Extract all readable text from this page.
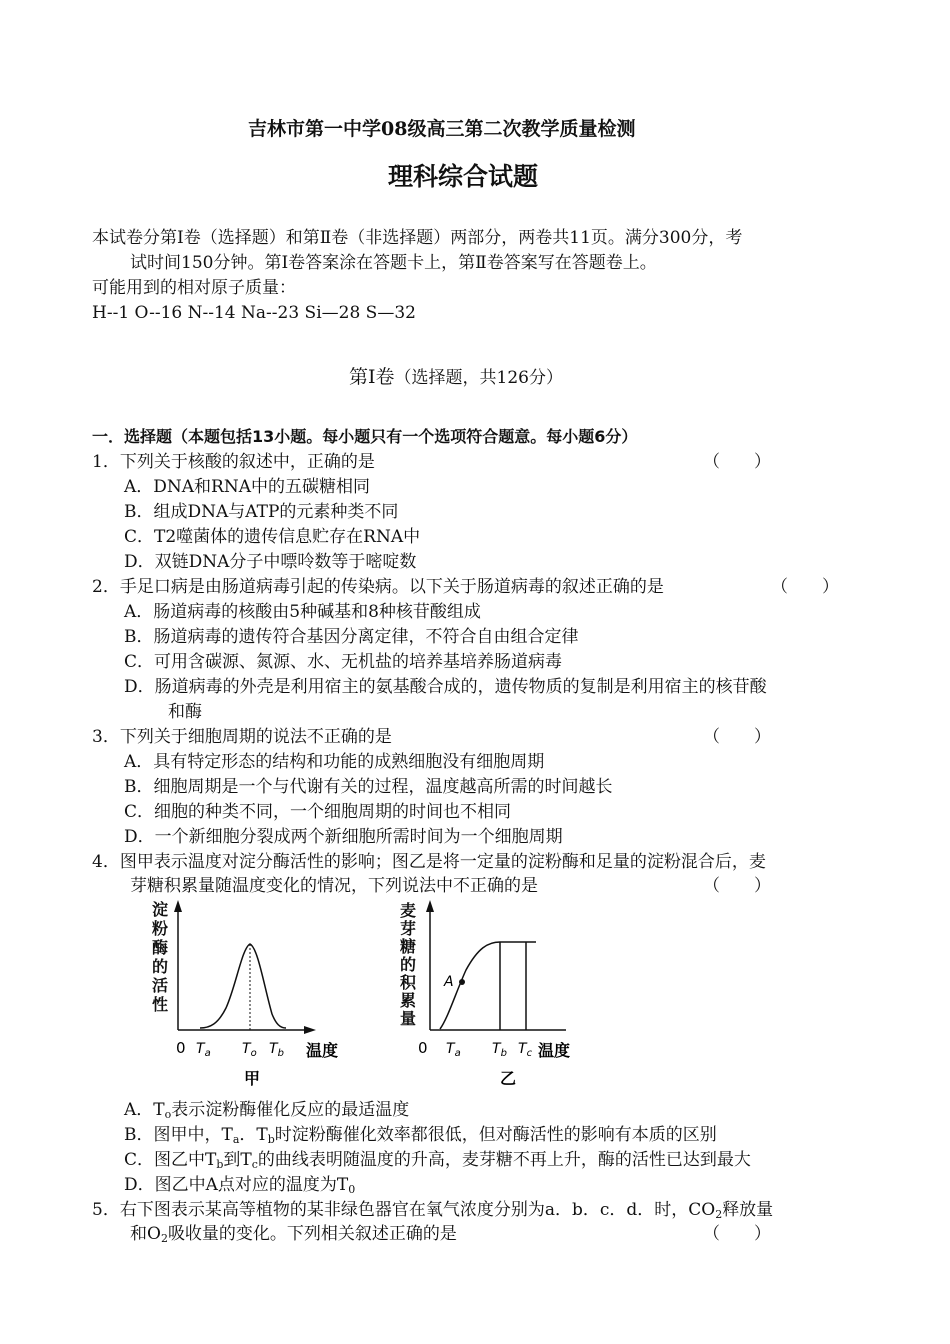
吉林市第一中学08级高三第二次教学质量检测
理科综合试题
本试卷分第Ⅰ卷（选择题）和第Ⅱ卷（非选择题）两部分，两卷共11页。满分300分，考
试时间150分钟。第Ⅰ卷答案涂在答题卡上，第Ⅱ卷答案写在答题卷上。
可能用到的相对原子质量：
H--1 O--16 N--14 Na--23 Si—28 S—32
第Ⅰ卷（选择题，共126分）
一．选择题（本题包括13小题。每小题只有一个选项符合题意。每小题6分）
1．下列关于核酸的叙述中，正确的是	（　　）
A．DNA和RNA中的五碳糖相同
B．组成DNA与ATP的元素种类不同
C．T2噬菌体的遗传信息贮存在RNA中
D．双链DNA分子中嘌呤数等于嘧啶数
2．手足口病是由肠道病毒引起的传染病。以下关于肠道病毒的叙述正确的是	（　　）
A．肠道病毒的核酸由5种碱基和8种核苷酸组成
B．肠道病毒的遗传符合基因分离定律，不符合自由组合定律
C．可用含碳源、氮源、水、无机盐的培养基培养肠道病毒
D．肠道病毒的外壳是利用宿主的氨基酸合成的，遗传物质的复制是利用宿主的核苷酸
和酶
3．下列关于细胞周期的说法不正确的是	（　　）
A．具有特定形态的结构和功能的成熟细胞没有细胞周期
B．细胞周期是一个与代谢有关的过程，温度越高所需的时间越长
C．细胞的种类不同，一个细胞周期的时间也不相同
D．一个新细胞分裂成两个新细胞所需时间为一个细胞周期
4．图甲表示温度对淀分酶活性的影响；图乙是将一定量的淀粉酶和足量的淀粉混合后，麦
芽糖积累量随温度变化的情况，下列说法中不正确的是	（　　）
0 $T_a$ $T_o$ $T_b$ 温度
甲
淀粉酶的活性
A
0 $T_a$ $T_b$ $T_c$ 温度
乙
麦芽糖的积累量
A．$T_o$表示淀粉酶催化反应的最适温度
B．图甲中，$T_a$．$T_b$时淀粉酶催化效率都很低，但对酶活性的影响有本质的区别
C．图乙中$T_b$到$T_c$的曲线表明随温度的升高，麦芽糖不再上升，酶的活性已达到最大
D．图乙中A点对应的温度为$T_0$
5．右下图表示某高等植物的某非绿色器官在氧气浓度分别为a．b．c．d．时，$CO_2$释放量
和$O_2$吸收量的变化。下列相关叙述正确的是	（　　）
